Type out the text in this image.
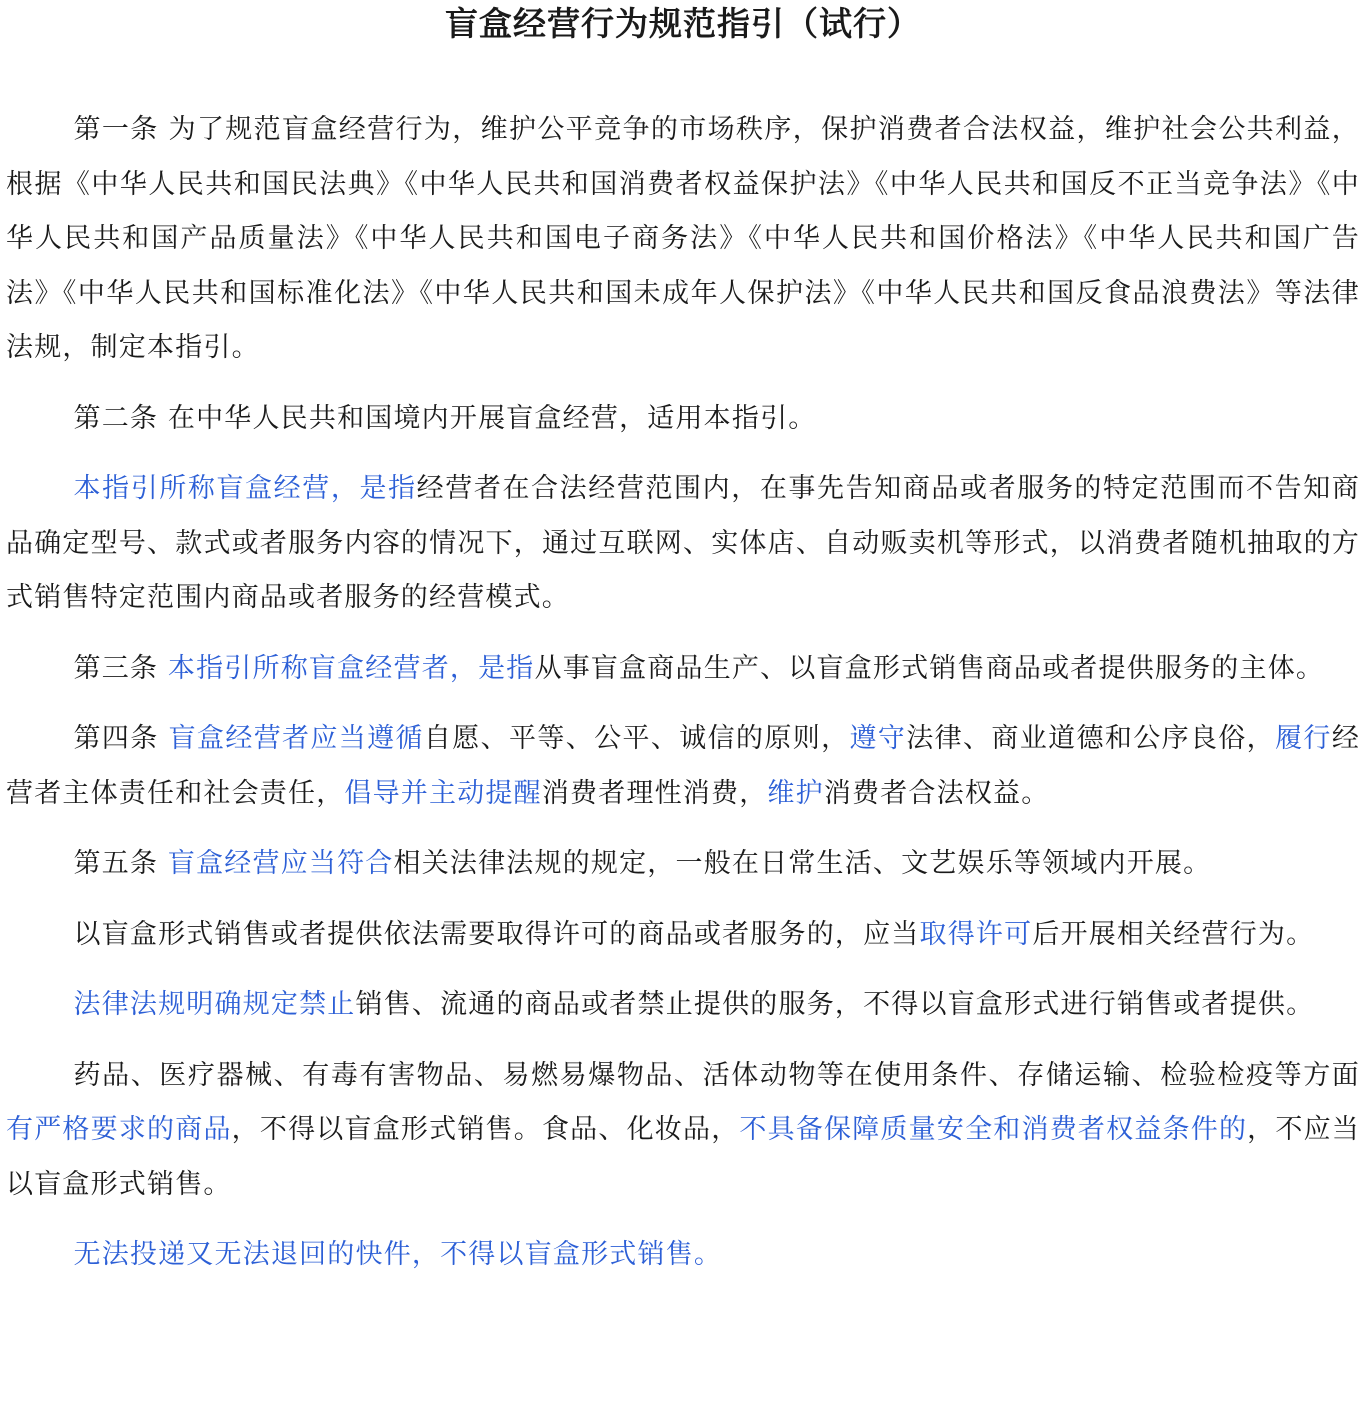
盲盒经营行为规范指引（试行）

第一条 为了规范盲盒经营行为，维护公平竞争的市场秩序，保护消费者合法权益，维护社会公共利益，根据《中华人民共和国民法典》《中华人民共和国消费者权益保护法》《中华人民共和国反不正当竞争法》《中华人民共和国产品质量法》《中华人民共和国电子商务法》《中华人民共和国价格法》《中华人民共和国广告法》《中华人民共和国标准化法》《中华人民共和国未成年人保护法》《中华人民共和国反食品浪费法》等法律法规，制定本指引。

第二条 在中华人民共和国境内开展盲盒经营，适用本指引。

本指引所称盲盒经营，是指经营者在合法经营范围内，在事先告知商品或者服务的特定范围而不告知商品确定型号、款式或者服务内容的情况下，通过互联网、实体店、自动贩卖机等形式，以消费者随机抽取的方式销售特定范围内商品或者服务的经营模式。

第三条 本指引所称盲盒经营者，是指从事盲盒商品生产、以盲盒形式销售商品或者提供服务的主体。

第四条 盲盒经营者应当遵循自愿、平等、公平、诚信的原则，遵守法律、商业道德和公序良俗，履行经营者主体责任和社会责任，倡导并主动提醒消费者理性消费，维护消费者合法权益。

第五条 盲盒经营应当符合相关法律法规的规定，一般在日常生活、文艺娱乐等领域内开展。

以盲盒形式销售或者提供依法需要取得许可的商品或者服务的，应当取得许可后开展相关经营行为。

法律法规明确规定禁止销售、流通的商品或者禁止提供的服务，不得以盲盒形式进行销售或者提供。

药品、医疗器械、有毒有害物品、易燃易爆物品、活体动物等在使用条件、存储运输、检验检疫等方面有严格要求的商品，不得以盲盒形式销售。食品、化妆品，不具备保障质量安全和消费者权益条件的，不应当以盲盒形式销售。

无法投递又无法退回的快件，不得以盲盒形式销售。
